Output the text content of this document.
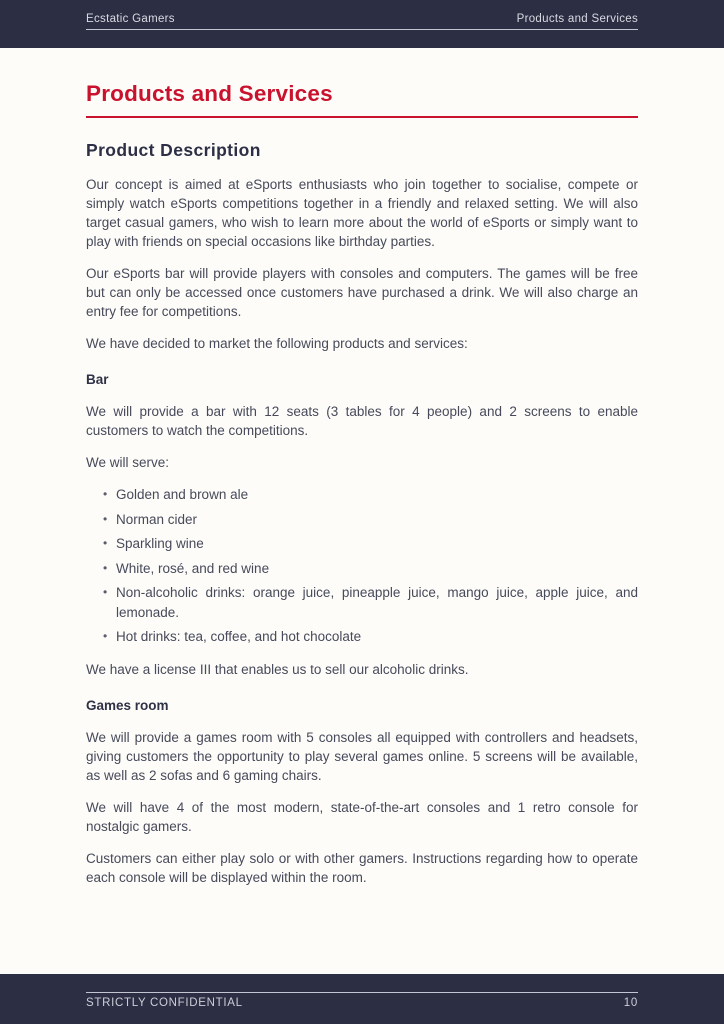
Ecstatic Gamers	Products and Services
Products and Services
Product Description

Our concept is aimed at eSports enthusiasts who join together to socialise, compete or simply watch eSports competitions together in a friendly and relaxed setting. We will also target casual gamers, who wish to learn more about the world of eSports or simply want to play with friends on special occasions like birthday parties.

Our eSports bar will provide players with consoles and computers. The games will be free but can only be accessed once customers have purchased a drink. We will also charge an entry fee for competitions.

We have decided to market the following products and services:

Bar

We will provide a bar with 12 seats (3 tables for 4 people) and 2 screens to enable customers to watch the competitions.

We will serve:

• Golden and brown ale
• Norman cider
• Sparkling wine
• White, rosé, and red wine
• Non-alcoholic drinks: orange juice, pineapple juice, mango juice, apple juice, and lemonade.
• Hot drinks: tea, coffee, and hot chocolate

We have a license III that enables us to sell our alcoholic drinks.

Games room

We will provide a games room with 5 consoles all equipped with controllers and headsets, giving customers the opportunity to play several games online. 5 screens will be available, as well as 2 sofas and 6 gaming chairs.

We will have 4 of the most modern, state-of-the-art consoles and 1 retro console for nostalgic gamers.

Customers can either play solo or with other gamers. Instructions regarding how to operate each console will be displayed within the room.

STRICTLY CONFIDENTIAL	10
